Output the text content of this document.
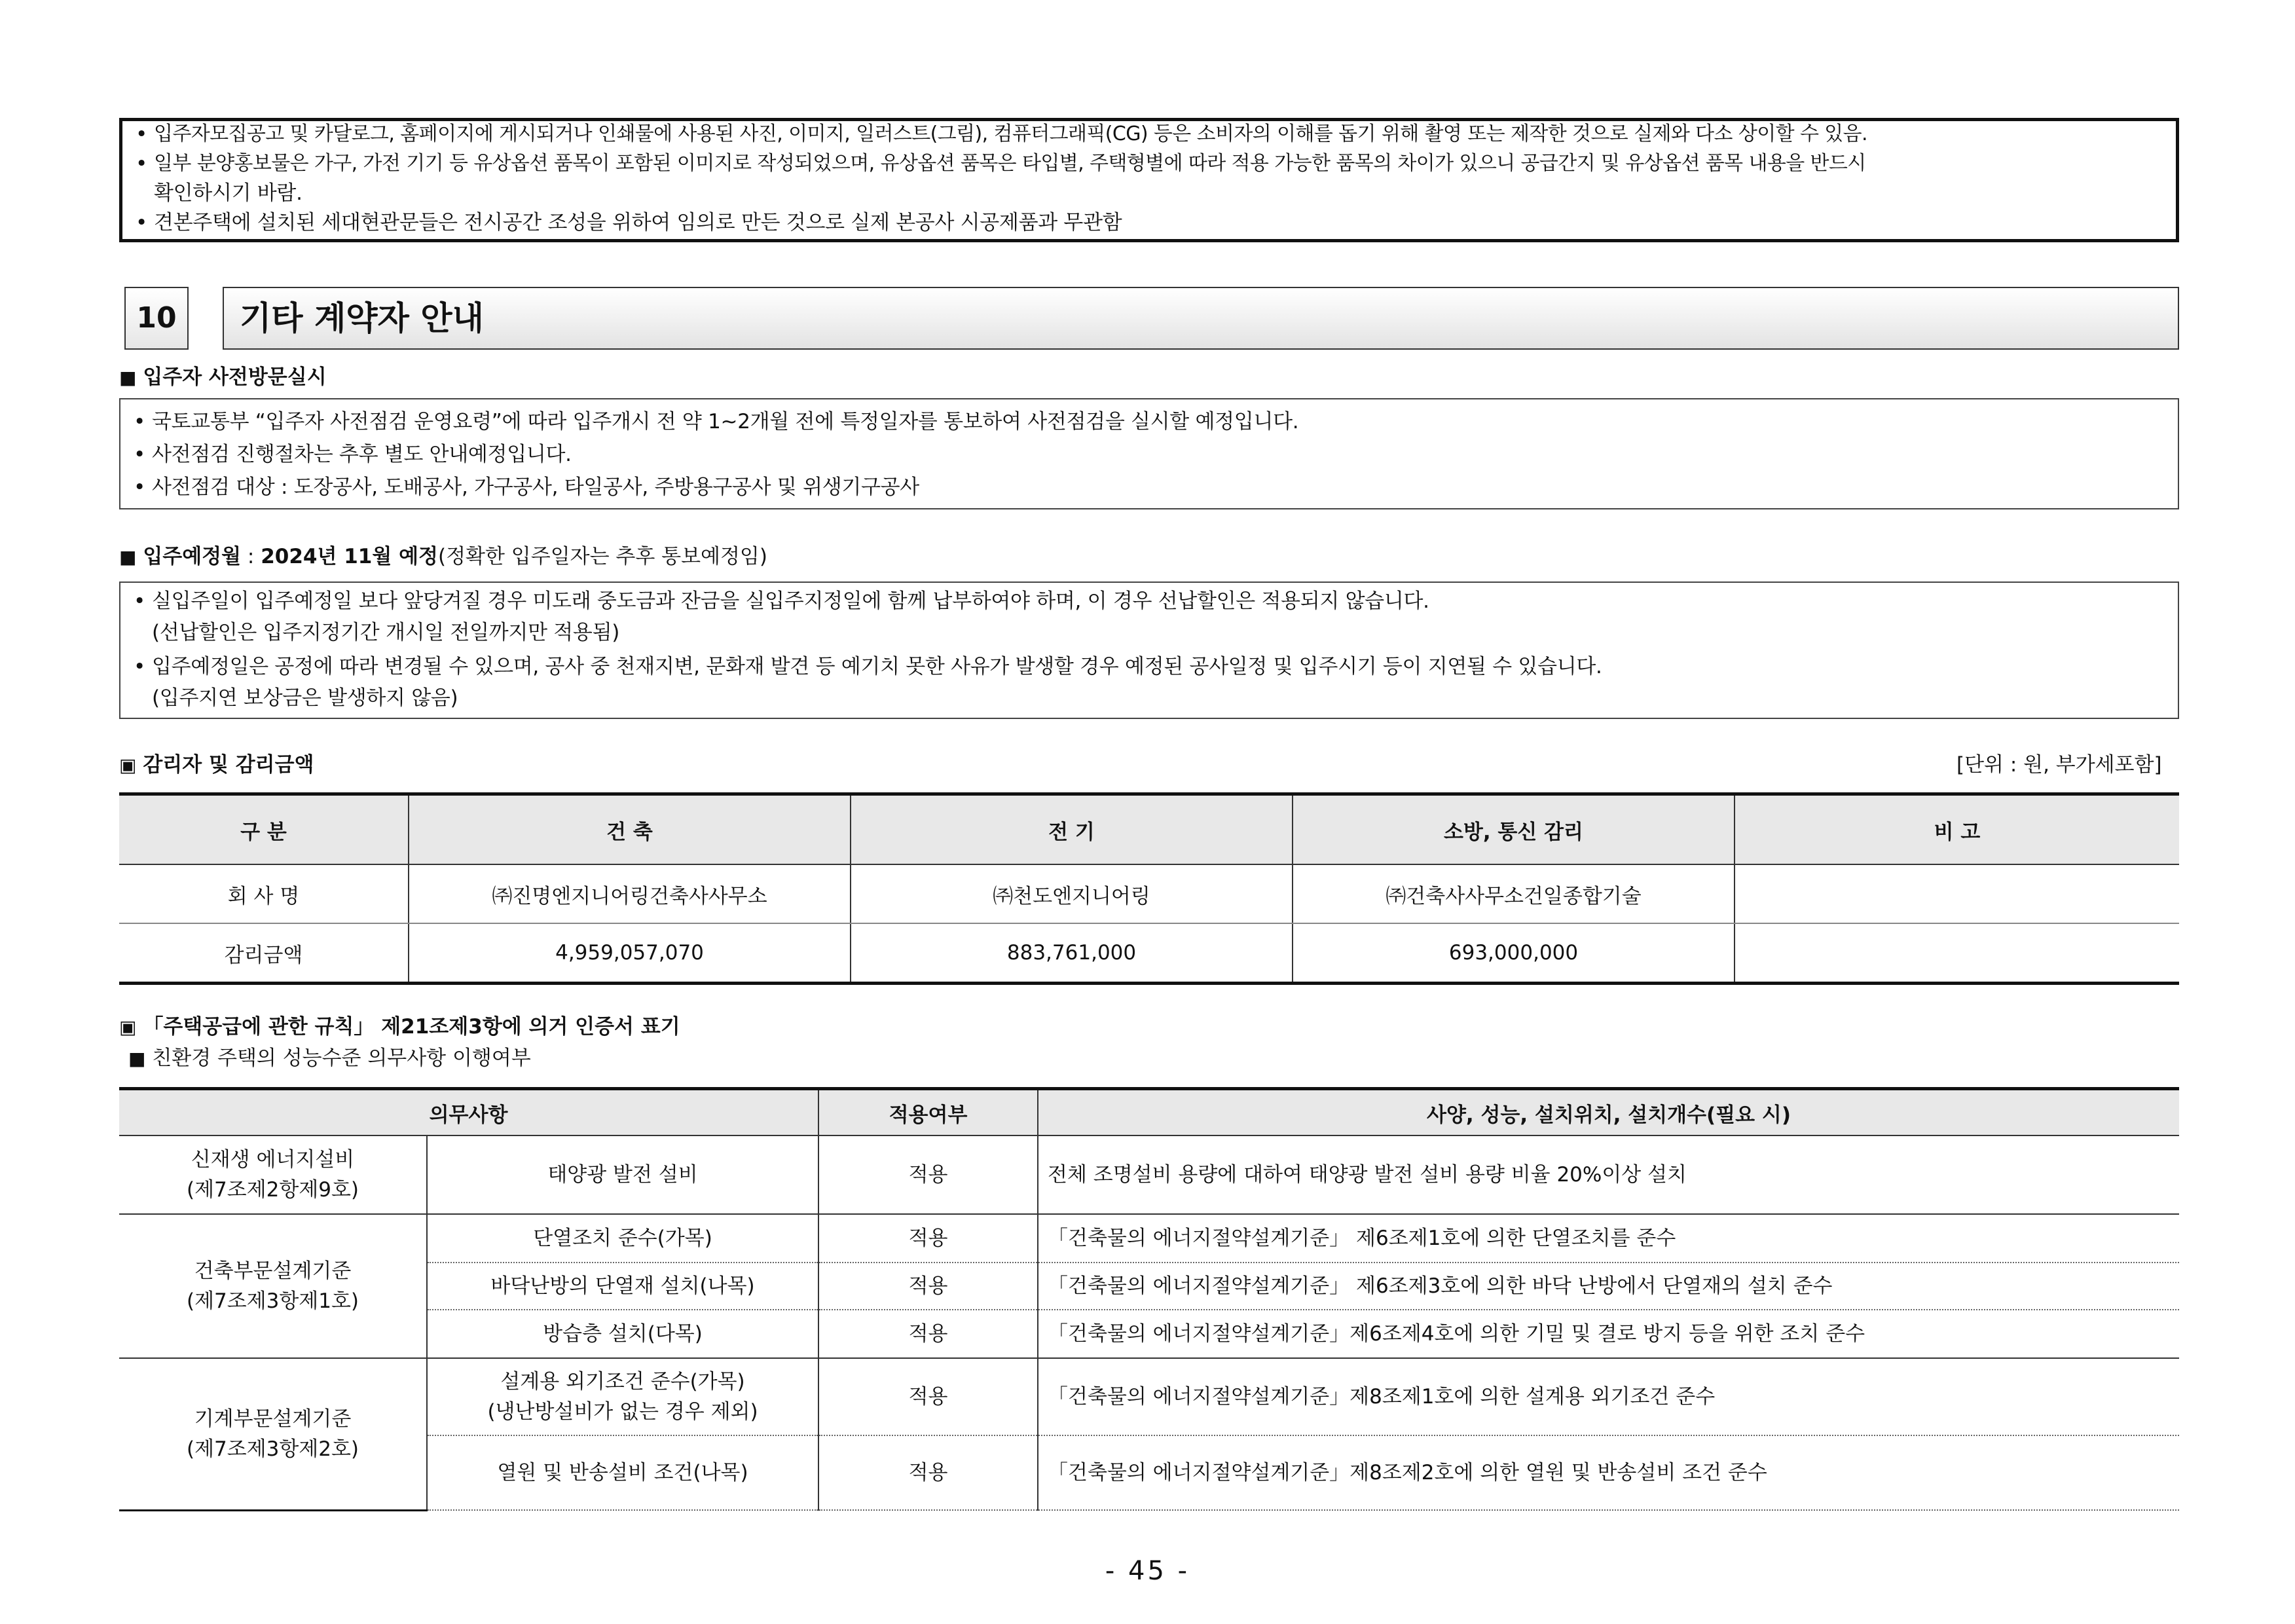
• 입주자모집공고 및 카달로그, 홈페이지에 게시되거나 인쇄물에 사용된 사진, 이미지, 일러스트(그림), 컴퓨터그래픽(CG) 등은 소비자의 이해를 돕기 위해 촬영 또는 제작한 것으로 실제와 다소 상이할 수 있음.
• 일부 분양홍보물은 가구, 가전 기기 등 유상옵션 품목이 포함된 이미지로 작성되었으며, 유상옵션 품목은 타입별, 주택형별에 따라 적용 가능한 품목의 차이가 있으니 공급간지 및 유상옵션 품목 내용을 반드시
확인하시기 바람.
• 견본주택에 설치된 세대현관문들은 전시공간 조성을 위하여 임의로 만든 것으로 실제 본공사 시공제품과 무관함
10	기타 계약자 안내
■ 입주자 사전방문실시
• 국토교통부 “입주자 사전점검 운영요령”에 따라 입주개시 전 약 1~2개월 전에 특정일자를 통보하여 사전점검을 실시할 예정입니다.
• 사전점검 진행절차는 추후 별도 안내예정입니다.
• 사전점검 대상 : 도장공사, 도배공사, 가구공사, 타일공사, 주방용구공사 및 위생기구공사
■ 입주예정월 : 2024년 11월 예정(정확한 입주일자는 추후 통보예정임)
• 실입주일이 입주예정일 보다 앞당겨질 경우 미도래 중도금과 잔금을 실입주지정일에 함께 납부하여야 하며, 이 경우 선납할인은 적용되지 않습니다.
(선납할인은 입주지정기간 개시일 전일까지만 적용됨)
• 입주예정일은 공정에 따라 변경될 수 있으며, 공사 중 천재지변, 문화재 발견 등 예기치 못한 사유가 발생할 경우 예정된 공사일정 및 입주시기 등이 지연될 수 있습니다.
(입주지연 보상금은 발생하지 않음)
▣ 감리자 및 감리금액	[단위 : 원, 부가세포함]
구 분	건 축	전 기	소방, 통신 감리	비 고
회 사 명	㈜진명엔지니어링건축사사무소	㈜천도엔지니어링	㈜건축사사무소건일종합기술	
감리금액	4,959,057,070	883,761,000	693,000,000	
▣ 「주택공급에 관한 규칙」 제21조제3항에 의거 인증서 표기
■ 친환경 주택의 성능수준 의무사항 이행여부
의무사항		적용여부	사양, 성능, 설치위치, 설치개수(필요 시)
신재생 에너지설비
(제7조제2항제9호)	태양광 발전 설비	적용	전체 조명설비 용량에 대하여 태양광 발전 설비 용량 비율 20%이상 설치
건축부문설계기준
(제7조제3항제1호)	단열조치 준수(가목)	적용	「건축물의 에너지절약설계기준」 제6조제1호에 의한 단열조치를 준수
	바닥난방의 단열재 설치(나목)	적용	「건축물의 에너지절약설계기준」 제6조제3호에 의한 바닥 난방에서 단열재의 설치 준수
	방습층 설치(다목)	적용	「건축물의 에너지절약설계기준」제6조제4호에 의한 기밀 및 결로 방지 등을 위한 조치 준수
기계부문설계기준
(제7조제3항제2호)	설계용 외기조건 준수(가목)
(냉난방설비가 없는 경우 제외)	적용	「건축물의 에너지절약설계기준」제8조제1호에 의한 설계용 외기조건 준수
	열원 및 반송설비 조건(나목)	적용	「건축물의 에너지절약설계기준」제8조제2호에 의한 열원 및 반송설비 조건 준수
- 45 -
